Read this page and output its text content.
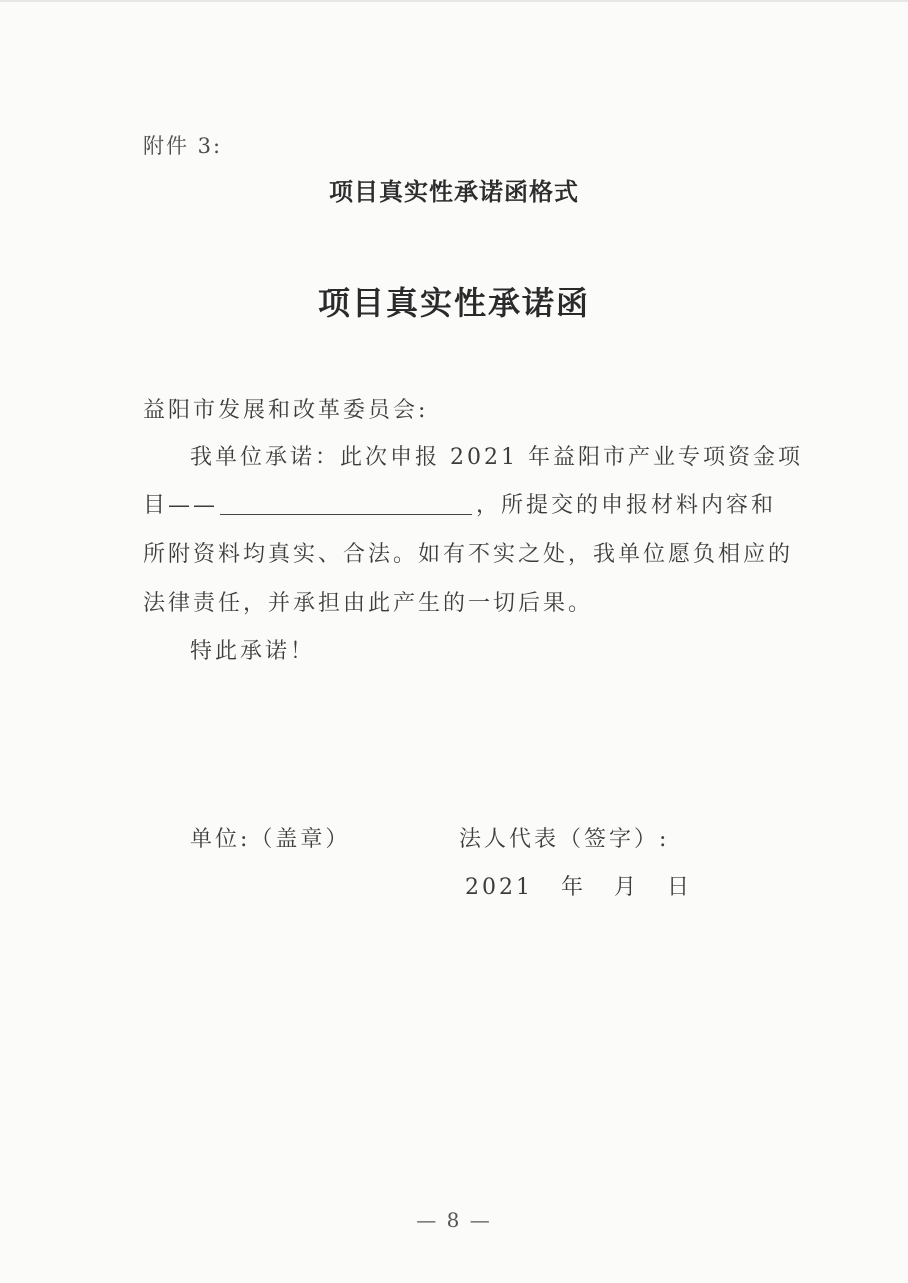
附件 3:
项目真实性承诺函格式
项目真实性承诺函
益阳市发展和改革委员会:
我单位承诺：此次申报 2021 年益阳市产业专项资金项
目——	，所提交的申报材料内容和
所附资料均真实、合法。如有不实之处，我单位愿负相应的
法律责任，并承担由此产生的一切后果。
特此承诺！
单位:（盖章）	法人代表（签字）:
2021 年 月 日
— 8 —
